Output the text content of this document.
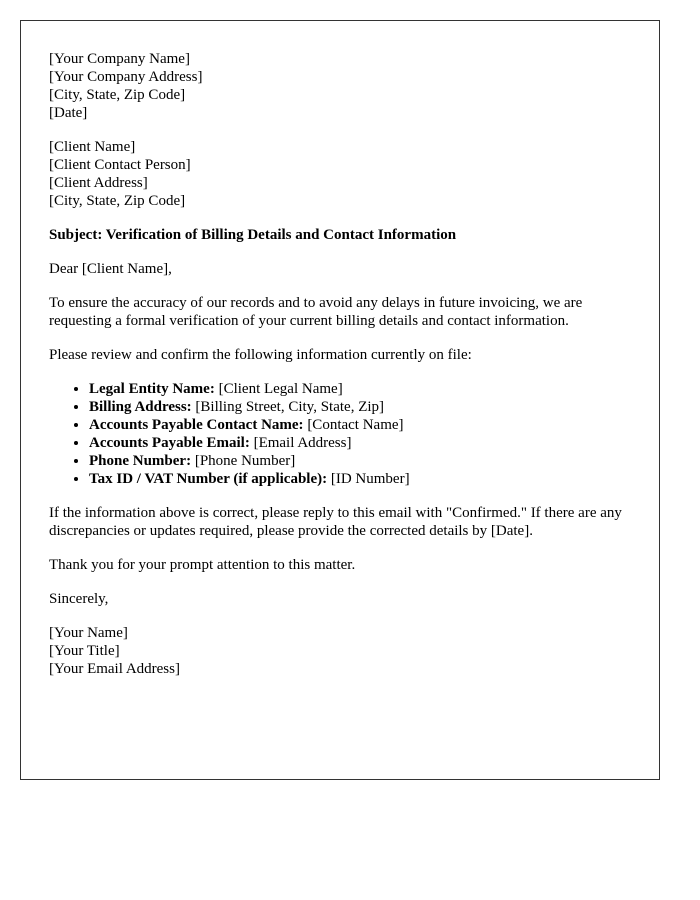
[Your Company Name]
[Your Company Address]
[City, State, Zip Code]
[Date]
[Client Name]
[Client Contact Person]
[Client Address]
[City, State, Zip Code]

Subject: Verification of Billing Details and Contact Information

Dear [Client Name],

To ensure the accuracy of our records and to avoid any delays in future invoicing, we are requesting a formal verification of your current billing details and contact information.

Please review and confirm the following information currently on file:

• Legal Entity Name: [Client Legal Name]
• Billing Address: [Billing Street, City, State, Zip]
• Accounts Payable Contact Name: [Contact Name]
• Accounts Payable Email: [Email Address]
• Phone Number: [Phone Number]
• Tax ID / VAT Number (if applicable): [ID Number]

If the information above is correct, please reply to this email with "Confirmed." If there are any discrepancies or updates required, please provide the corrected details by [Date].

Thank you for your prompt attention to this matter.

Sincerely,

[Your Name]
[Your Title]
[Your Email Address]
